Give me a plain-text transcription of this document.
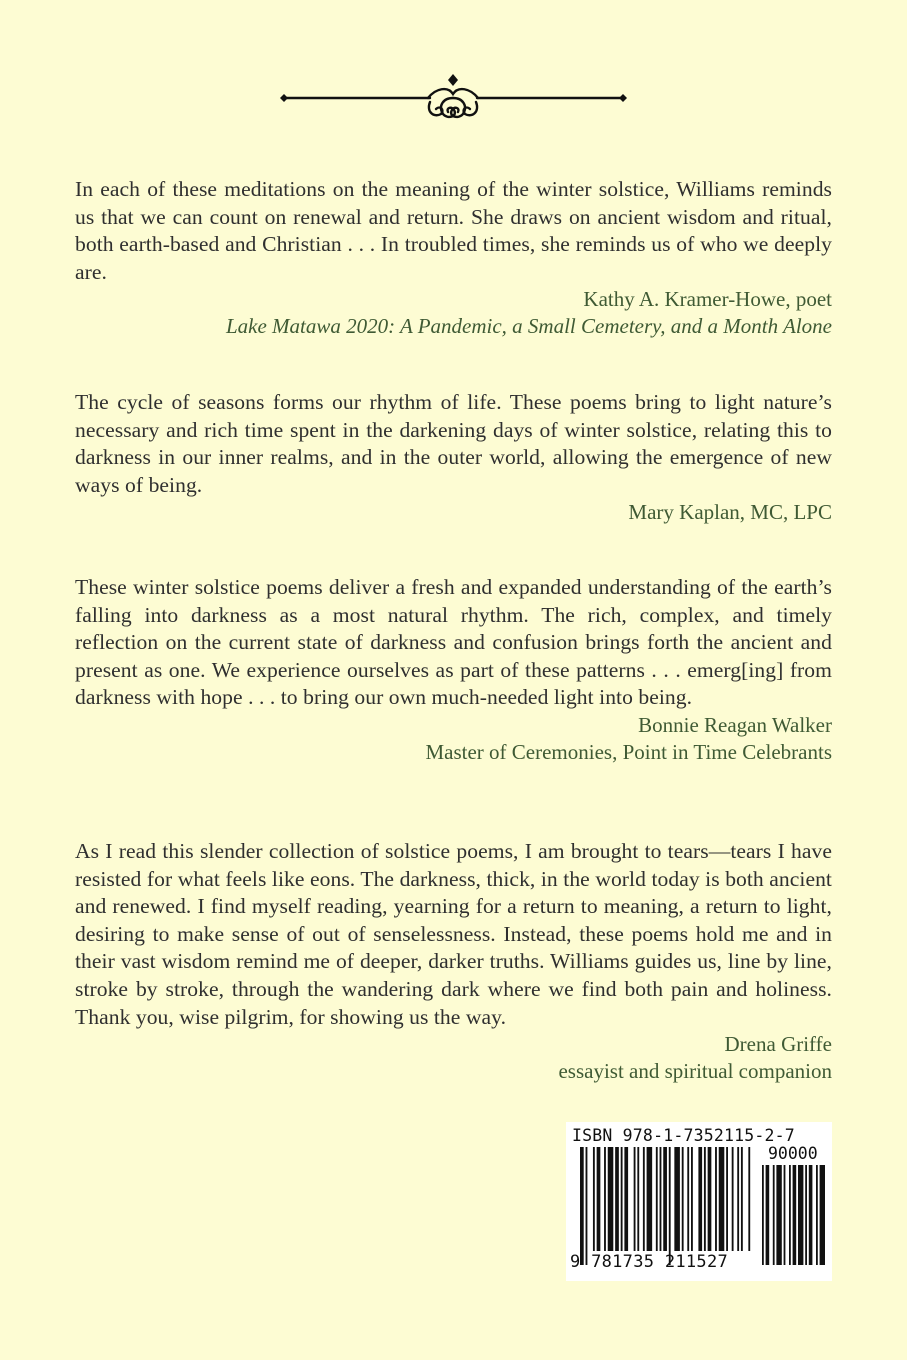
In each of these meditations on the meaning of the winter solstice, Williams reminds us that we can count on renewal and return. She draws on ancient wisdom and ritual, both earth-based and Christian . . . In troubled times, she reminds us of who we deeply are.

Kathy A. Kramer-Howe, poet

Lake Matawa 2020: A Pandemic, a Small Cemetery, and a Month Alone

The cycle of seasons forms our rhythm of life. These poems bring to light nature’s necessary and rich time spent in the darkening days of winter solstice, relating this to darkness in our inner realms, and in the outer world, allowing the emergence of new ways of being.

Mary Kaplan, MC, LPC

These winter solstice poems deliver a fresh and expanded understanding of the earth’s falling into darkness as a most natural rhythm. The rich, complex, and timely reflection on the current state of darkness and confusion brings forth the ancient and present as one. We experience ourselves as part of these patterns . . . emerg[ing] from darkness with hope . . . to bring our own much-needed light into being.

Bonnie Reagan Walker

Master of Ceremonies, Point in Time Celebrants

As I read this slender collection of solstice poems, I am brought to tears—tears I have resisted for what feels like eons. The darkness, thick, in the world today is both ancient and renewed. I find myself reading, yearning for a return to meaning, a return to light, desiring to make sense of out of senselessness. Instead, these poems hold me and in their vast wisdom remind me of deeper, darker truths. Williams guides us, line by line, stroke by stroke, through the wandering dark where we find both pain and holiness. Thank you, wise pilgrim, for showing us the way.

Drena Griffe

essayist and spiritual companion

ISBN 978-1-7352115-2-7
90000
9 781735 211527
